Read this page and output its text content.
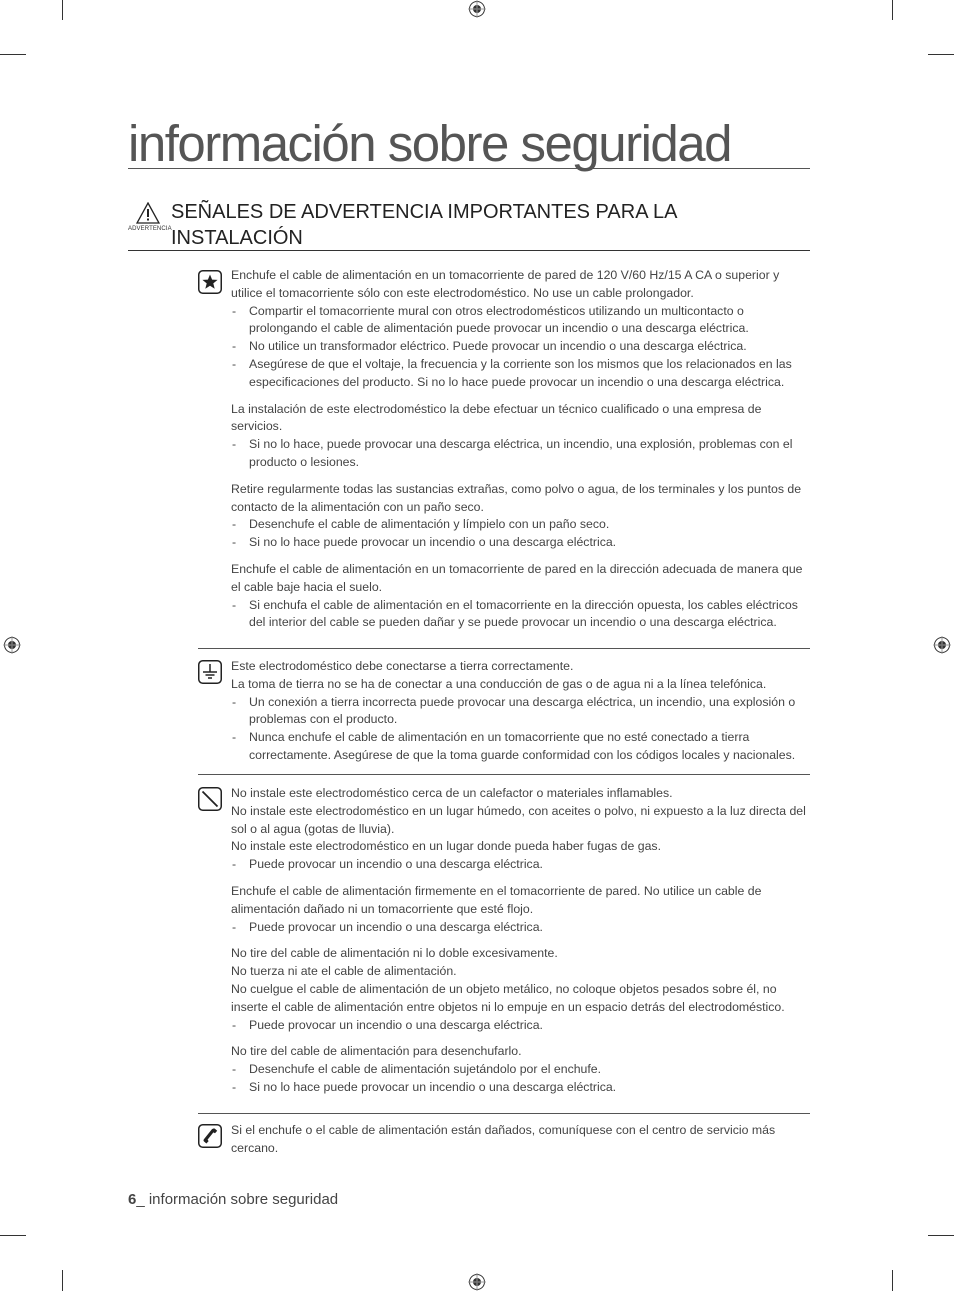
información sobre seguridad
ADVERTENCIA
SEÑALES DE ADVERTENCIA IMPORTANTES PARA LA INSTALACIÓN

Enchufe el cable de alimentación en un tomacorriente de pared de 120 V/60 Hz/15 A CA o superior y utilice el tomacorriente sólo con este electrodoméstico. No use un cable prolongador.

- Compartir el tomacorriente mural con otros electrodomésticos utilizando un multicontacto o prolongando el cable de alimentación puede provocar un incendio o una descarga eléctrica.

- No utilice un transformador eléctrico. Puede provocar un incendio o una descarga eléctrica.

- Asegúrese de que el voltaje, la frecuencia y la corriente son los mismos que los relacionados en las especificaciones del producto. Si no lo hace puede provocar un incendio o una descarga eléctrica.

La instalación de este electrodoméstico la debe efectuar un técnico cualificado o una empresa de servicios.

- Si no lo hace, puede provocar una descarga eléctrica, un incendio, una explosión, problemas con el producto o lesiones.

Retire regularmente todas las sustancias extrañas, como polvo o agua, de los terminales y los puntos de contacto de la alimentación con un paño seco.

- Desenchufe el cable de alimentación y límpielo con un paño seco.

- Si no lo hace puede provocar un incendio o una descarga eléctrica.

Enchufe el cable de alimentación en un tomacorriente de pared en la dirección adecuada de manera que el cable baje hacia el suelo.

- Si enchufa el cable de alimentación en el tomacorriente en la dirección opuesta, los cables eléctricos del interior del cable se pueden dañar y se puede provocar un incendio o una descarga eléctrica.

Este electrodoméstico debe conectarse a tierra correctamente.

La toma de tierra no se ha de conectar a una conducción de gas o de agua ni a la línea telefónica.

- Un conexión a tierra incorrecta puede provocar una descarga eléctrica, un incendio, una explosión o problemas con el producto.

- Nunca enchufe el cable de alimentación en un tomacorriente que no esté conectado a tierra correctamente. Asegúrese de que la toma guarde conformidad con los códigos locales y nacionales.

No instale este electrodoméstico cerca de un calefactor o materiales inflamables.

No instale este electrodoméstico en un lugar húmedo, con aceites o polvo, ni expuesto a la luz directa del sol o al agua (gotas de lluvia).

No instale este electrodoméstico en un lugar donde pueda haber fugas de gas.

- Puede provocar un incendio o una descarga eléctrica.

Enchufe el cable de alimentación firmemente en el tomacorriente de pared. No utilice un cable de alimentación dañado ni un tomacorriente que esté flojo.

- Puede provocar un incendio o una descarga eléctrica.

No tire del cable de alimentación ni lo doble excesivamente.

No tuerza ni ate el cable de alimentación.

No cuelgue el cable de alimentación de un objeto metálico, no coloque objetos pesados sobre él, no inserte el cable de alimentación entre objetos ni lo empuje en un espacio detrás del electrodoméstico.

- Puede provocar un incendio o una descarga eléctrica.

No tire del cable de alimentación para desenchufarlo.

- Desenchufe el cable de alimentación sujetándolo por el enchufe.

- Si no lo hace puede provocar un incendio o una descarga eléctrica.

Si el enchufe o el cable de alimentación están dañados, comuníquese con el centro de servicio más cercano.

6_ información sobre seguridad
